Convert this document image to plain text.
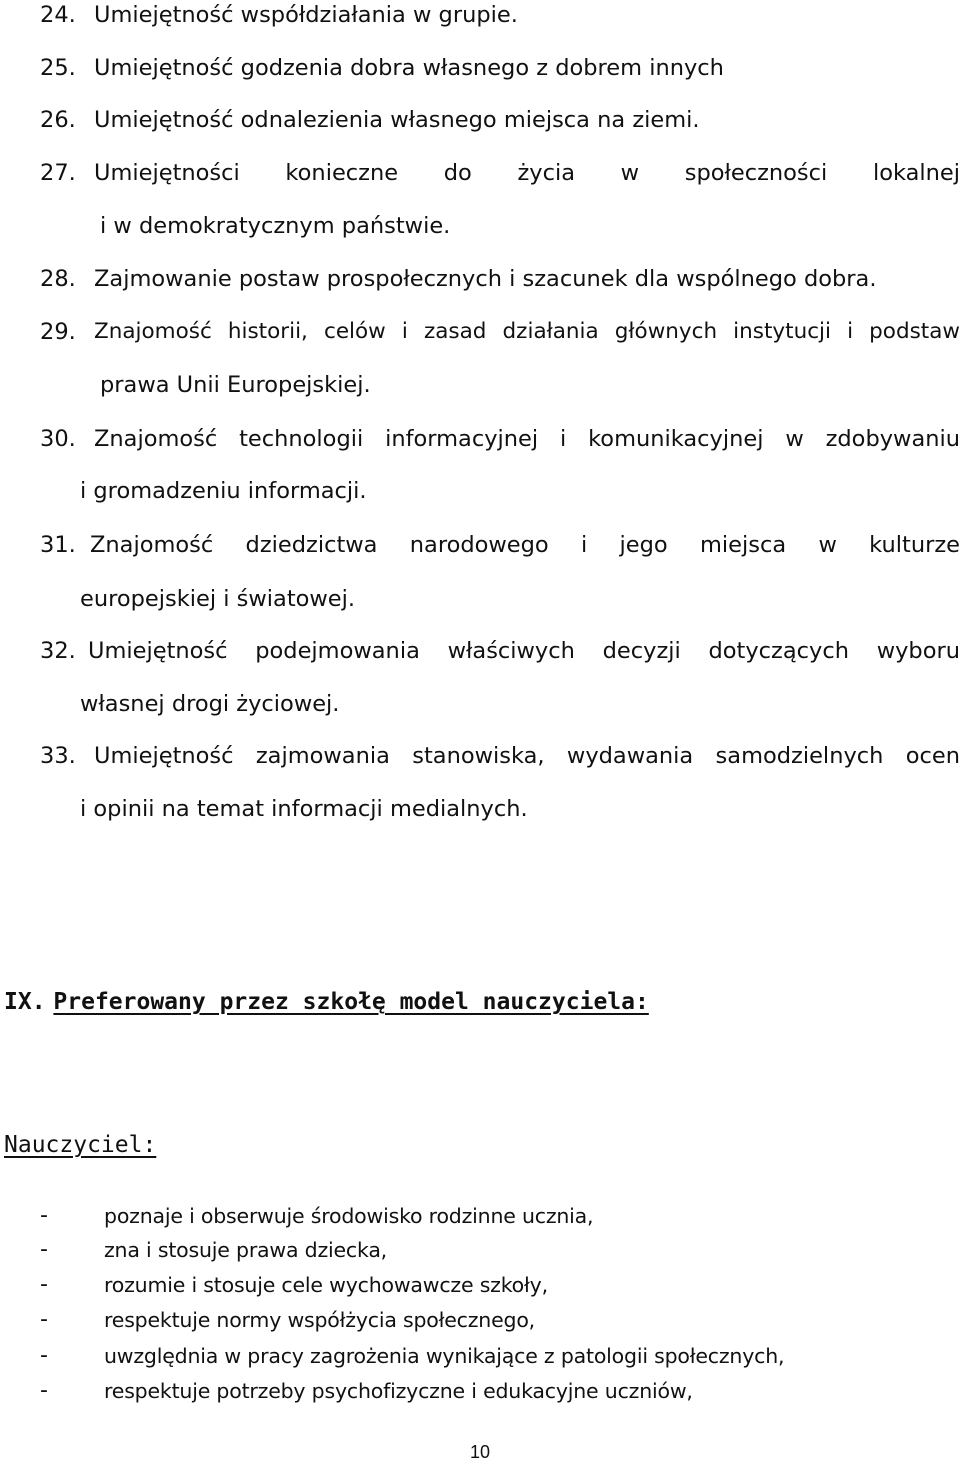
24. Umiejętność współdziałania w grupie.
25. Umiejętność godzenia dobra własnego z dobrem innych
26. Umiejętność odnalezienia własnego miejsca na ziemi.
27. Umiejętności konieczne do życia w społeczności lokalnej
i w demokratycznym państwie.
28. Zajmowanie postaw prospołecznych i szacunek dla wspólnego dobra.
29. Znajomość historii, celów i zasad działania głównych instytucji i podstaw
prawa Unii Europejskiej.
30. Znajomość technologii informacyjnej i komunikacyjnej w zdobywaniu
i gromadzeniu informacji.
31. Znajomość dziedzictwa narodowego i jego miejsca w kulturze
europejskiej i światowej.
32. Umiejętność podejmowania właściwych decyzji dotyczących wyboru
własnej drogi życiowej.
33. Umiejętność zajmowania stanowiska, wydawania samodzielnych ocen
i opinii na temat informacji medialnych.
IX. Preferowany przez szkołę model nauczyciela:
Nauczyciel:
-	poznaje i obserwuje środowisko rodzinne ucznia,
-	zna i stosuje prawa dziecka,
-	rozumie i stosuje cele wychowawcze szkoły,
-	respektuje normy współżycia społecznego,
-	uwzględnia w pracy zagrożenia wynikające z patologii społecznych,
-	respektuje potrzeby psychofizyczne i edukacyjne uczniów,
10
